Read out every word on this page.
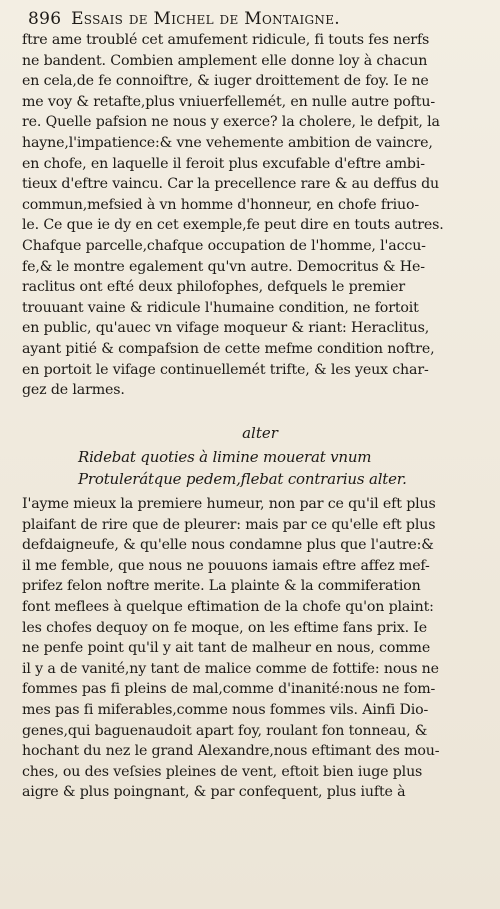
896 Essais de Michel de Montaigne.
ftre ame troublé cet amufement ridicule, fi touts fes nerfs
ne bandent. Combien amplement elle donne loy à chacun
en cela,de fe connoiftre, & iuger droittement de foy. Ie ne
me voy & retafte,plus vniuerfellemét, en nulle autre poftu-
re. Quelle pafsion ne nous y exerce? la cholere, le defpit, la
hayne,l'impatience:& vne vehemente ambition de vaincre,
en chofe, en laquelle il feroit plus excufable d'eftre ambi-
tieux d'eftre vaincu. Car la precellence rare & au deffus du
commun,mefsied à vn homme d'honneur, en chofe friuo-
le. Ce que ie dy en cet exemple,fe peut dire en touts autres.
Chafque parcelle,chafque occupation de l'homme, l'accu-
fe,& le montre egalement qu'vn autre. Democritus & He-
raclitus ont efté deux philofophes, defquels le premier
trouuant vaine & ridicule l'humaine condition, ne fortoit
en public, qu'auec vn vifage moqueur & riant: Heraclitus,
ayant pitié & compafsion de cette mefme condition noftre,
en portoit le vifage continuellemét trifte, & les yeux char-
gez de larmes.
alter
Ridebat quoties à limine mouerat vnum
Protulerátque pedem,flebat contrarius alter.
I'ayme mieux la premiere humeur, non par ce qu'il eft plus
plaifant de rire que de pleurer: mais par ce qu'elle eft plus
defdaigneufe, & qu'elle nous condamne plus que l'autre:&
il me femble, que nous ne pouuons iamais eftre affez mef-
prifez felon noftre merite. La plainte & la commiferation
font meflees à quelque eftimation de la chofe qu'on plaint:
les chofes dequoy on fe moque, on les eftime fans prix. Ie
ne penfe point qu'il y ait tant de malheur en nous, comme
il y a de vanité,ny tant de malice comme de fottife: nous ne
fommes pas fi pleins de mal,comme d'inanité:nous ne fom-
mes pas fi miferables,comme nous fommes vils. Ainfi Dio-
genes,qui baguenaudoit apart foy, roulant fon tonneau, &
hochant du nez le grand Alexandre,nous eftimant des mou-
ches, ou des veſsies pleines de vent, eftoit bien iuge plus
aigre & plus poingnant, & par confequent, plus iufte à
